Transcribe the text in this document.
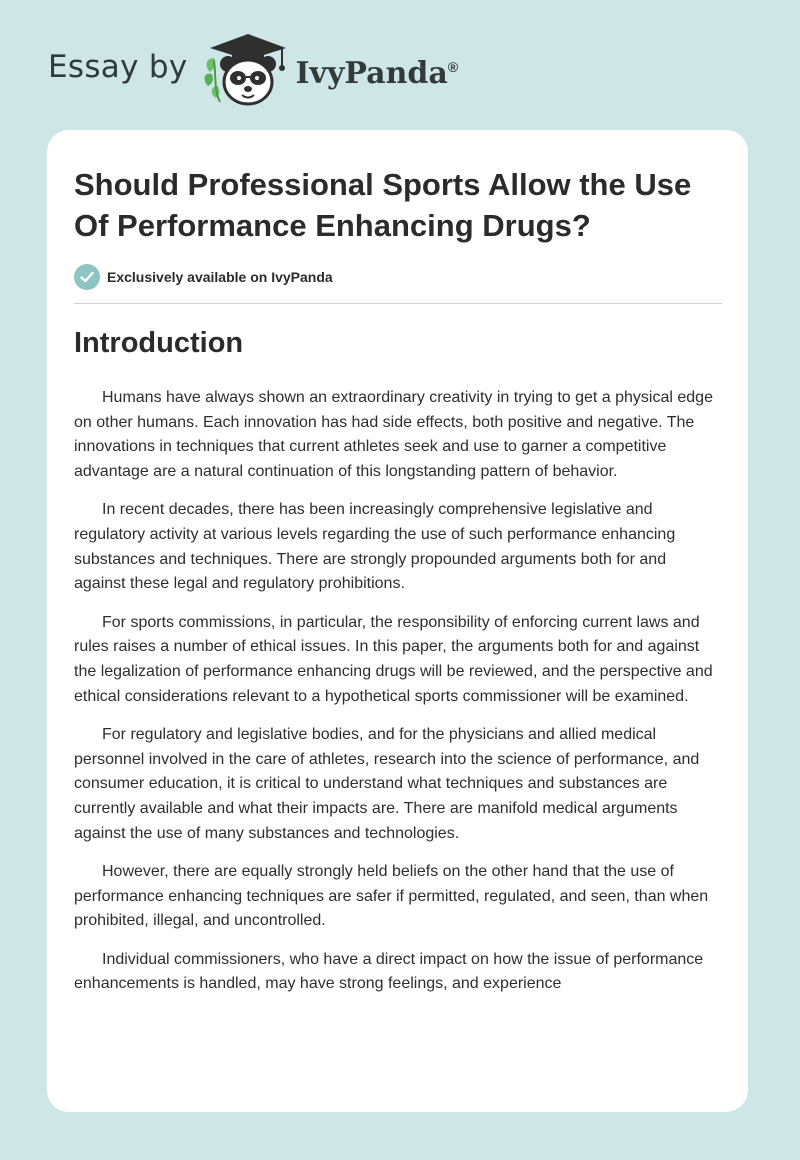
Essay by	IvyPanda®
Should Professional Sports Allow the Use Of Performance Enhancing Drugs?
Exclusively available on IvyPanda
Introduction

Humans have always shown an extraordinary creativity in trying to get a physical edge on other humans. Each innovation has had side effects, both positive and negative. The innovations in techniques that current athletes seek and use to garner a competitive advantage are a natural continuation of this longstanding pattern of behavior.

In recent decades, there has been increasingly comprehensive legislative and regulatory activity at various levels regarding the use of such performance enhancing substances and techniques. There are strongly propounded arguments both for and against these legal and regulatory prohibitions.

For sports commissions, in particular, the responsibility of enforcing current laws and rules raises a number of ethical issues. In this paper, the arguments both for and against the legalization of performance enhancing drugs will be reviewed, and the perspective and ethical considerations relevant to a hypothetical sports commissioner will be examined.

For regulatory and legislative bodies, and for the physicians and allied medical personnel involved in the care of athletes, research into the science of performance, and consumer education, it is critical to understand what techniques and substances are currently available and what their impacts are. There are manifold medical arguments against the use of many substances and technologies.

However, there are equally strongly held beliefs on the other hand that the use of performance enhancing techniques are safer if permitted, regulated, and seen, than when prohibited, illegal, and uncontrolled.

Individual commissioners, who have a direct impact on how the issue of performance enhancements is handled, may have strong feelings, and experience
